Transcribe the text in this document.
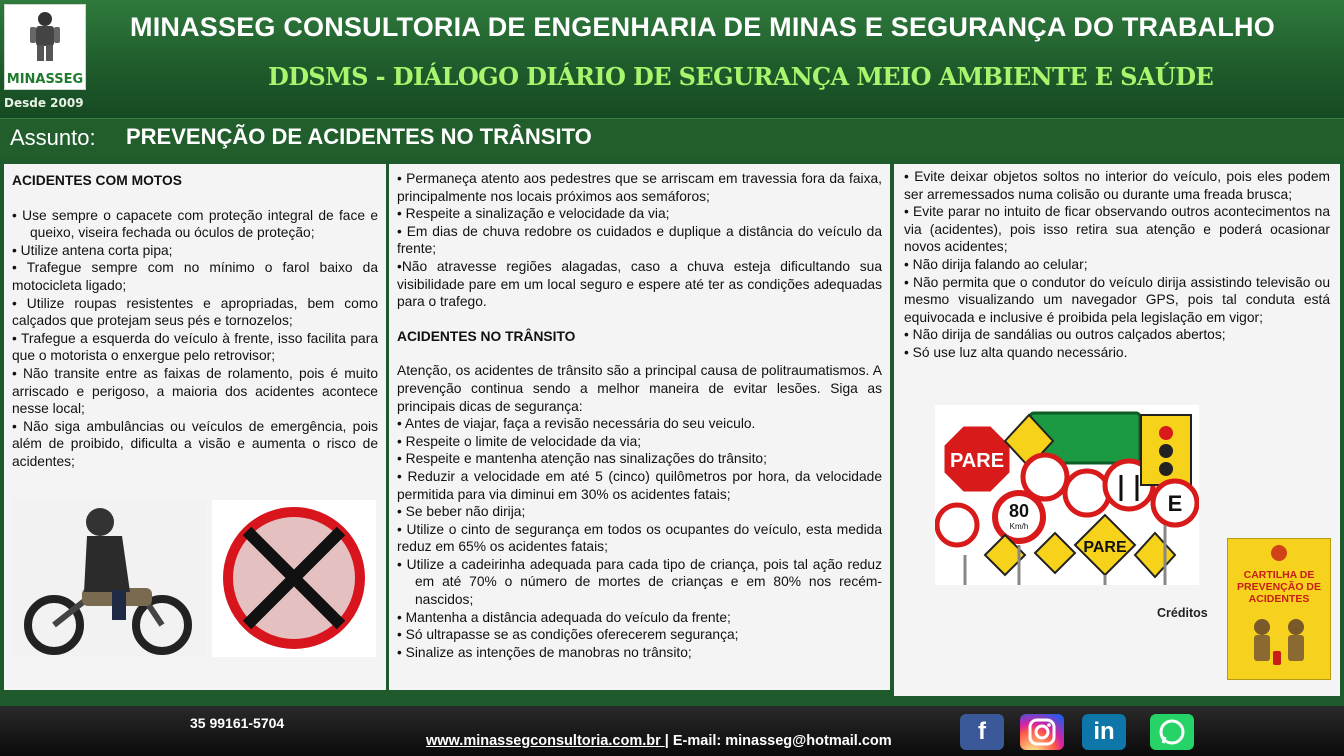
MINASSEG
Desde 2009
MINASSEG CONSULTORIA DE ENGENHARIA DE MINAS E SEGURANÇA DO TRABALHO
DDSMS - DIÁLOGO DIÁRIO DE SEGURANÇA MEIO AMBIENTE E SAÚDE
Assunto: PREVENÇÃO DE ACIDENTES NO TRÂNSITO

ACIDENTES COM MOTOS

• Use sempre o capacete com proteção integral de face e queixo, viseira fechada ou óculos de proteção;

• Utilize antena corta pipa;

• Trafegue sempre com no mínimo o farol baixo da motocicleta ligado;

• Utilize roupas resistentes e apropriadas, bem como calçados que protejam seus pés e tornozelos;

• Trafegue a esquerda do veículo à frente, isso facilita para que o motorista o enxergue pelo retrovisor;

• Não transite entre as faixas de rolamento, pois é muito arriscado e perigoso, a maioria dos acidentes acontece nesse local;

• Não siga ambulâncias ou veículos de emergência, pois além de proibido, dificulta a visão e aumenta o risco de acidentes;

• Permaneça atento aos pedestres que se arriscam em travessia fora da faixa, principalmente nos locais próximos aos semáforos;

• Respeite a sinalização e velocidade da via;

• Em dias de chuva redobre os cuidados e duplique a distância do veículo da frente;

•Não atravesse regiões alagadas, caso a chuva esteja dificultando sua visibilidade pare em um local seguro e espere até ter as condições adequadas para o trafego.

ACIDENTES NO TRÂNSITO

Atenção, os acidentes de trânsito são a principal causa de politraumatismos. A prevenção continua sendo a melhor maneira de evitar lesões. Siga as principais dicas de segurança:

• Antes de viajar, faça a revisão necessária do seu veiculo.

• Respeite o limite de velocidade da via;

• Respeite e mantenha atenção nas sinalizações do trânsito;

• Reduzir a velocidade em até 5 (cinco) quilômetros por hora, da velocidade permitida para via diminui em 30% os acidentes fatais;

• Se beber não dirija;

• Utilize o cinto de segurança em todos os ocupantes do veículo, esta medida reduz em 65% os acidentes fatais;

• Utilize a cadeirinha adequada para cada tipo de criança, pois tal ação reduz em até 70% o número de mortes de crianças e em 80% nos recém-nascidos;

• Mantenha a distância adequada do veículo da frente;

• Só ultrapasse se as condições oferecerem segurança;

• Sinalize as intenções de manobras no trânsito;

• Evite deixar objetos soltos no interior do veículo, pois eles podem ser arremessados numa colisão ou durante uma freada brusca;

• Evite parar no intuito de ficar observando outros acontecimentos na via (acidentes), pois isso retira sua atenção e poderá ocasionar novos acidentes;

• Não dirija falando ao celular;

• Não permita que o condutor do veículo dirija assistindo televisão ou mesmo visualizando um navegador GPS, pois tal conduta está equivocada e inclusive é proibida pela legislação em vigor;

• Não dirija de sandálias ou outros calçados abertos;

• Só use luz alta quando necessário.

PARE
80
Km/h
E
PARE
Créditos
CARTILHA DE PREVENÇÃO DE ACIDENTES
35 99161-5704
www.minassegconsultoria.com.br | E-mail: minasseg@hotmail.com	f	in
